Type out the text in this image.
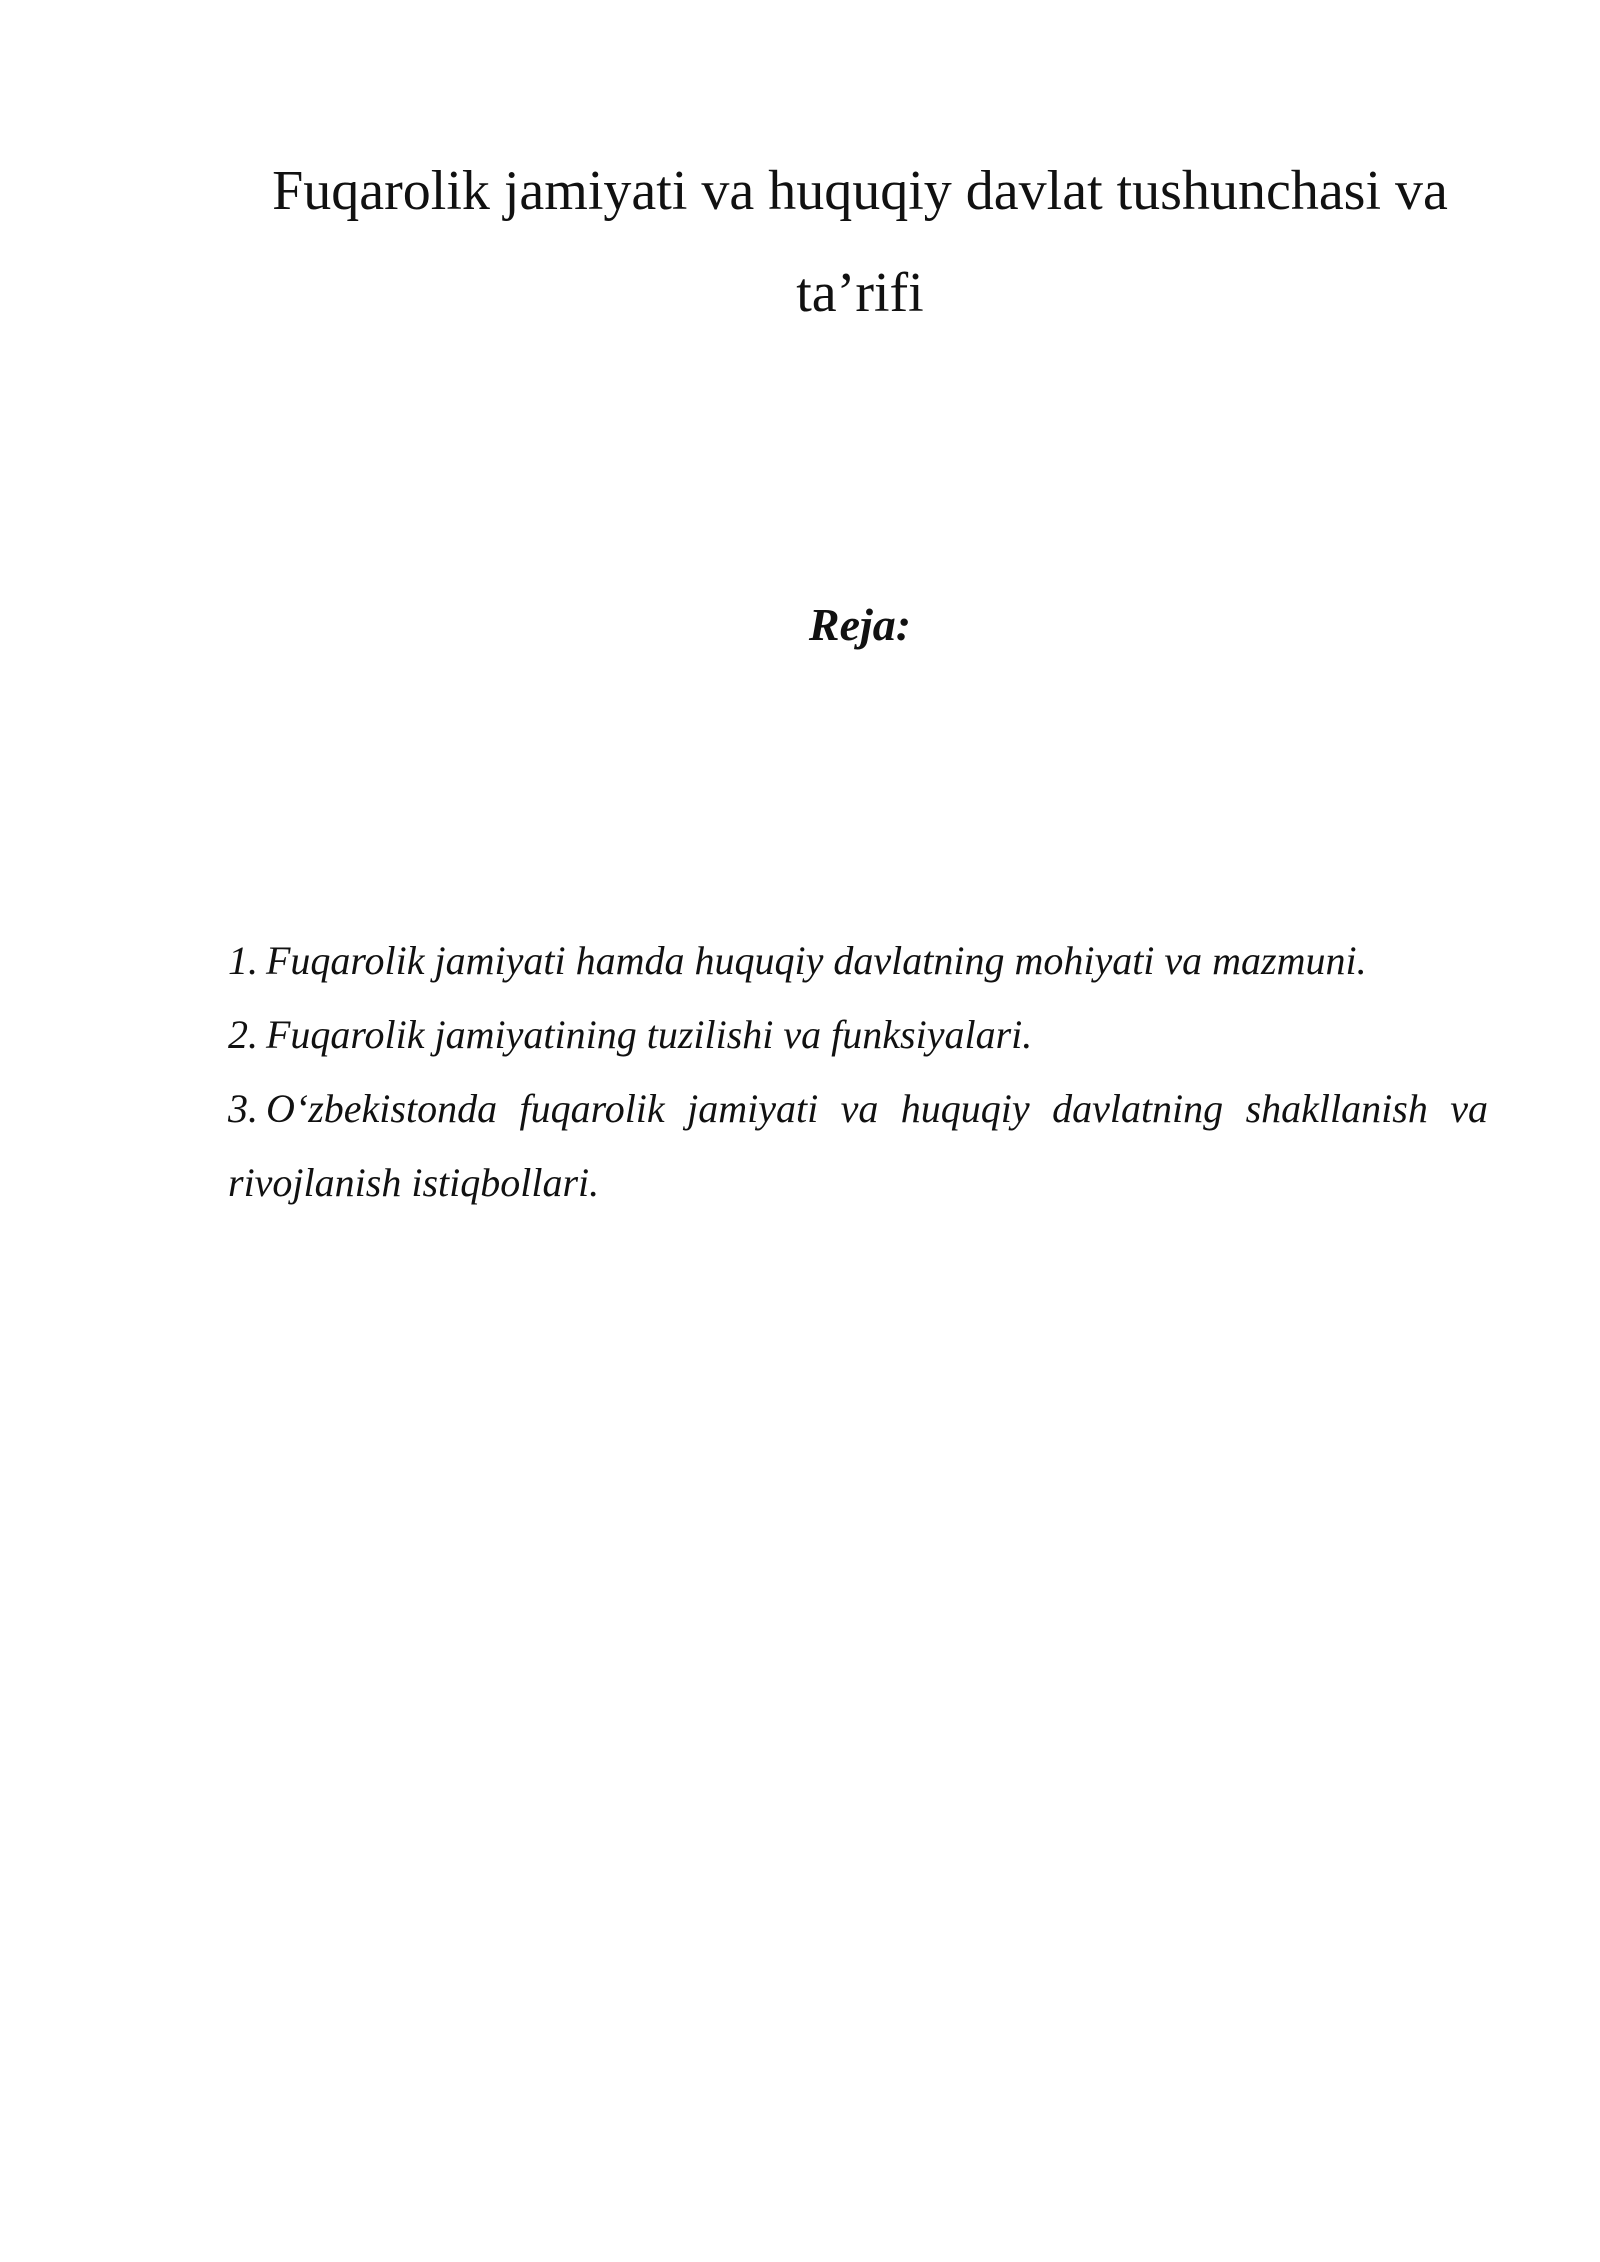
Fuqarolik jamiyati va huquqiy davlat tushunchasi va
ta’rifi
Reja:
1. Fuqarolik jamiyati hamda huquqiy davlatning mohiyati va mazmuni.
2. Fuqarolik jamiyatining tuzilishi va funksiyalari.
3. O‘zbekistonda fuqarolik jamiyati va huquqiy davlatning shakllanish va rivojlanish istiqbollari.
